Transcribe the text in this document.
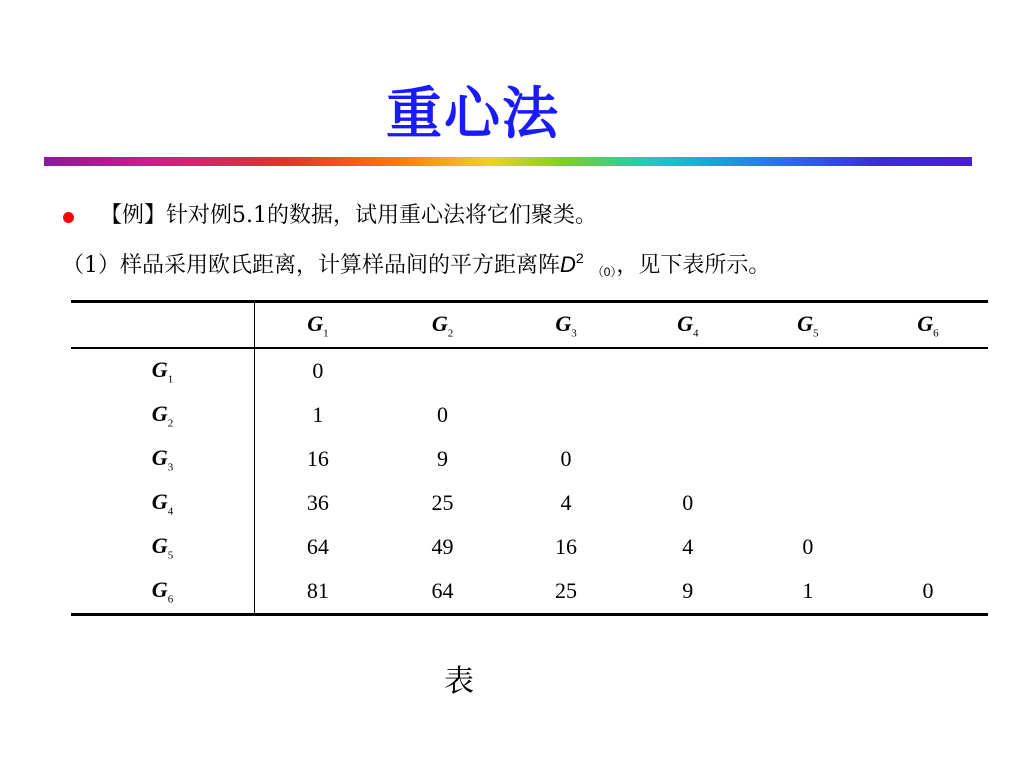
重心法
【例】针对例5.1的数据，试用重心法将它们聚类。
（1）样品采用欧氏距离，计算样品间的平方距离阵$D^2_{(0)}$，见下表所示。
	$G_1$	$G_2$	$G_3$	$G_4$	$G_5$	$G_6$
$G_1$	0					
$G_2$	1	0				
$G_3$	16	9	0			
$G_4$	36	25	4	0		
$G_5$	64	49	16	4	0	
$G_6$	81	64	25	9	1	0
表
